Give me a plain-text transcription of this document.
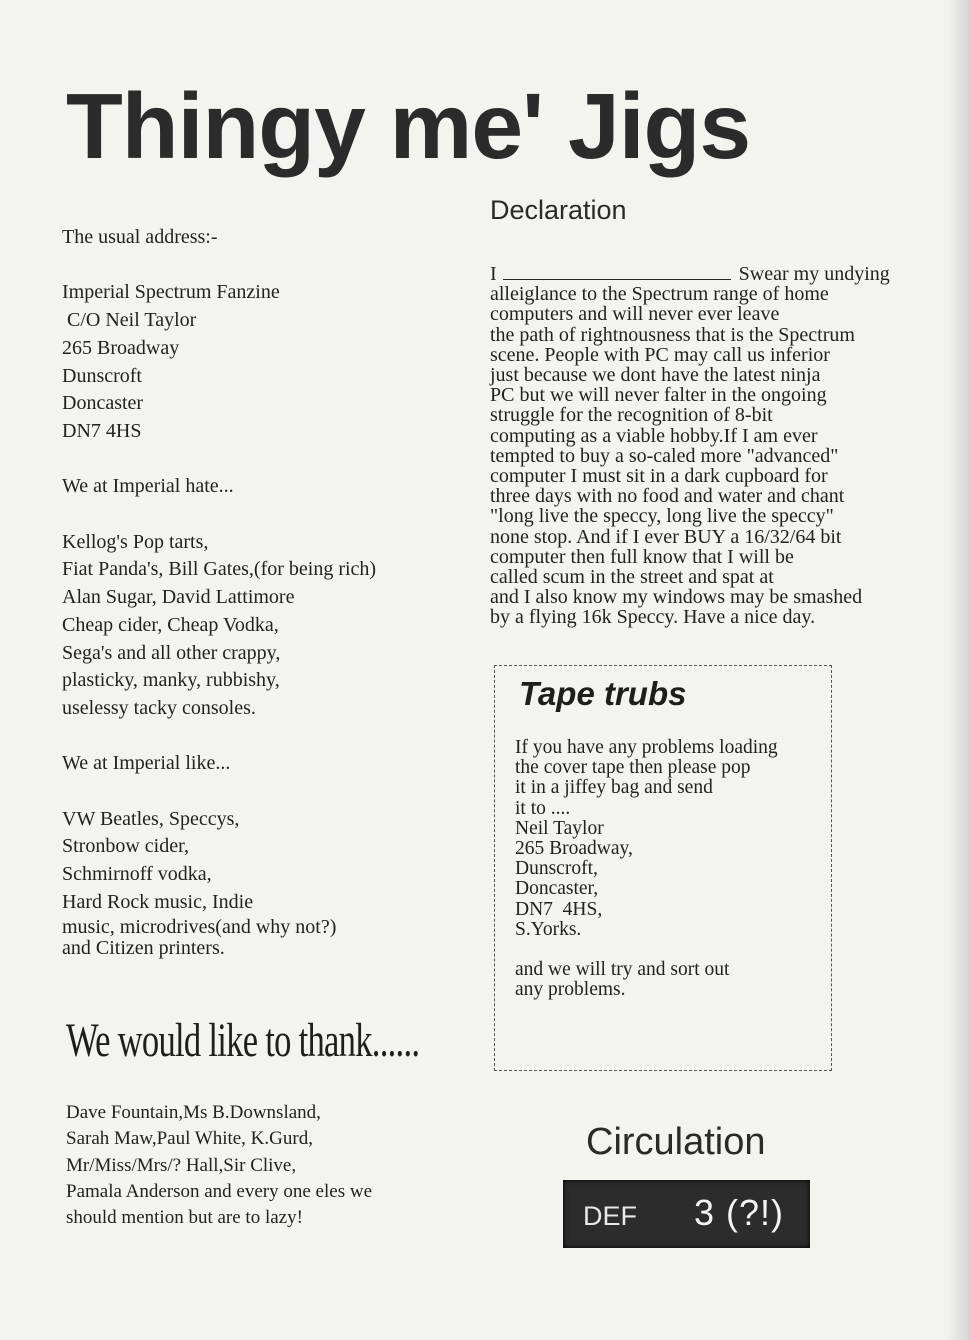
Thingy me' Jigs
The usual address:-
Imperial Spectrum Fanzine
C/O Neil Taylor
265 Broadway
Dunscroft
Doncaster
DN7 4HS
We at Imperial hate...
Kellog's Pop tarts,
Fiat Panda's, Bill Gates,(for being rich)
Alan Sugar, David Lattimore
Cheap cider, Cheap Vodka,
Sega's and all other crappy,
plasticky, manky, rubbishy,
uselessy tacky consoles.
We at Imperial like...
VW Beatles, Speccys,
Stronbow cider,
Schmirnoff vodka,
Hard Rock music, Indie
music, microdrives(and why not?)
and Citizen printers.
We would like to thank......
Dave Fountain,Ms B.Downsland,
Sarah Maw,Paul White, K.Gurd,
Mr/Miss/Mrs/? Hall,Sir Clive,
Pamala Anderson and every one eles we
should mention but are to lazy!
Declaration
I	Swear my undying
alleiglance to the Spectrum range of home
computers and will never ever leave
the path of rightnousness that is the Spectrum
scene. People with PC may call us inferior
just because we dont have the latest ninja
PC but we will never falter in the ongoing
struggle for the recognition of 8-bit
computing as a viable hobby.If I am ever
tempted to buy a so-caled more "advanced"
computer I must sit in a dark cupboard for
three days with no food and water and chant
"long live the speccy, long live the speccy"
none stop. And if I ever BUY a 16/32/64 bit
computer then full know that I will be
called scum in the street and spat at
and I also know my windows may be smashed
by a flying 16k Speccy. Have a nice day.
Tape trubs
If you have any problems loading
the cover tape then please pop
it in a jiffey bag and send
it to ....
Neil Taylor
265 Broadway,
Dunscroft,
Doncaster,
DN7  4HS,
S.Yorks.
and we will try and sort out
any problems.
Circulation
DEF 3 (?!)
